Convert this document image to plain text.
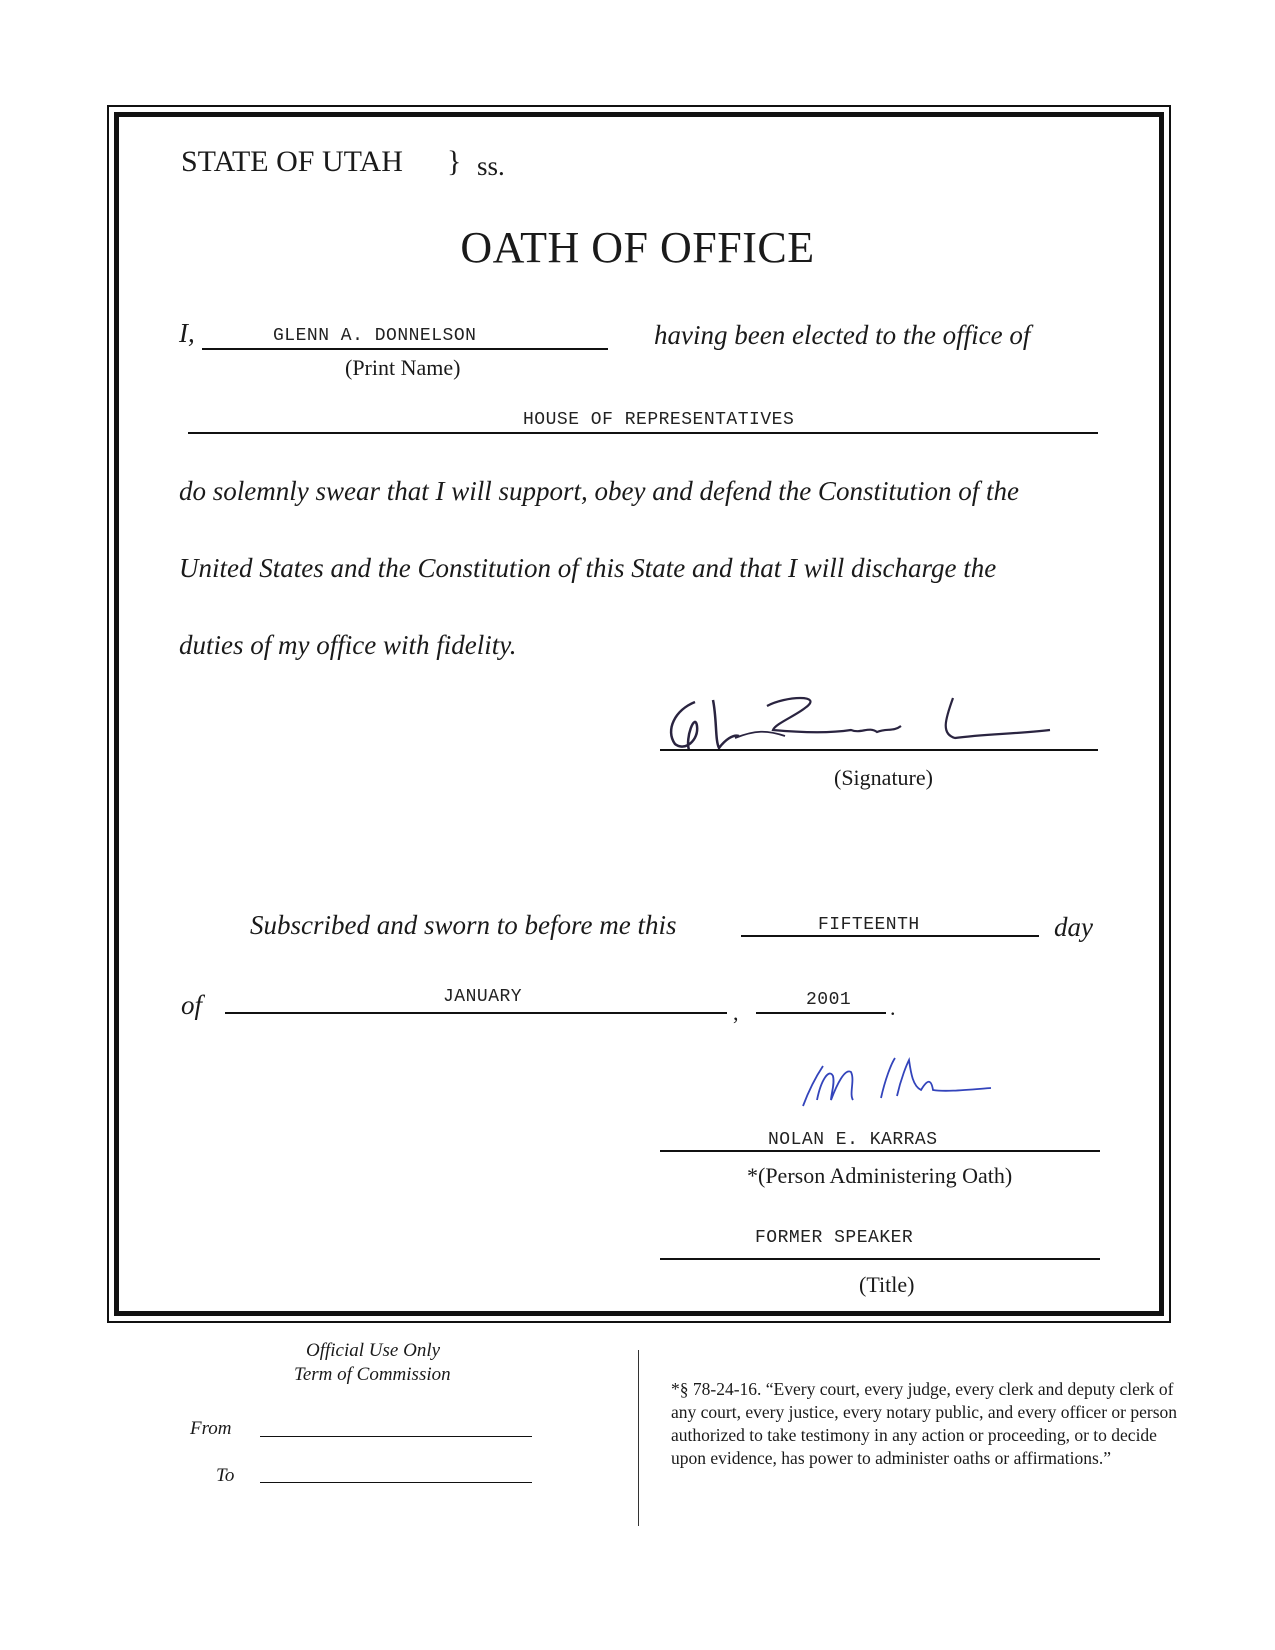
STATE OF UTAH } ss.
OATH OF OFFICE
I,	GLENN A. DONNELSON
(Print Name)
having been elected to the office of
HOUSE OF REPRESENTATIVES
do solemnly swear that I will support, obey and defend the Constitution of the
United States and the Constitution of this State and that I will discharge the
duties of my office with fidelity.
(Signature)
Subscribed and sworn to before me this	FIFTEENTH	day
of	JANUARY
,	2001 .
NOLAN E. KARRAS
*(Person Administering Oath)
FORMER SPEAKER
(Title)
Official Use Only
Term of Commission
From
To
*§ 78-24-16. “Every court, every judge, every clerk and deputy clerk of any court, every justice, every notary public, and every officer or person authorized to take testimony in any action or proceeding, or to decide upon evidence, has power to administer oaths or affirmations.”
